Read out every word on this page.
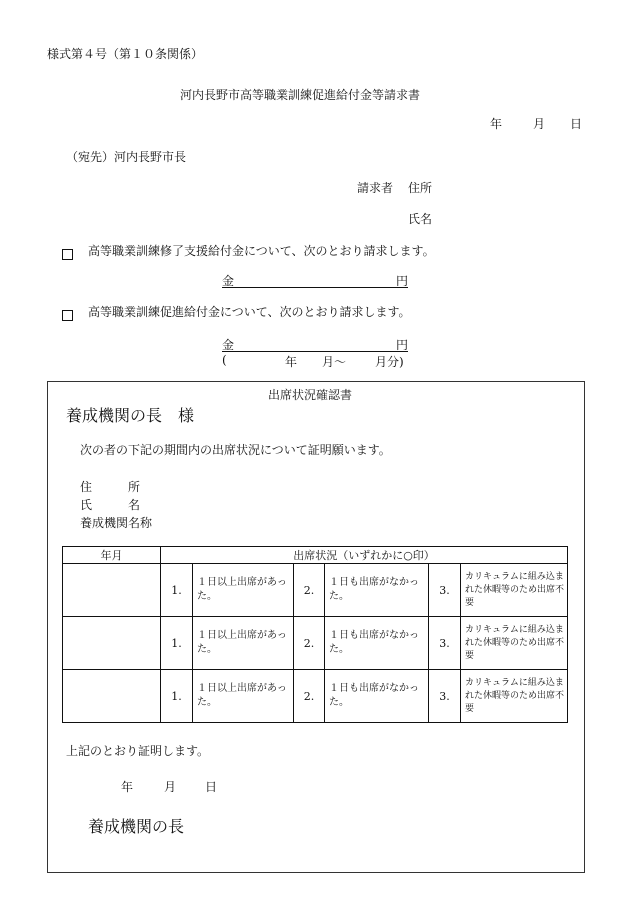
様式第４号（第１０条関係）
河内長野市高等職業訓練促進給付金等請求書
年	月 日
（宛先）河内長野市長
請求者 住所
氏名
高等職業訓練修了支援給付金について、次のとおり請求します。
金	円
高等職業訓練促進給付金について、次のとおり請求します。
金	円
(	年 月〜 月分)
出席状況確認書
養成機関の長　様
次の者の下記の期間内の出席状況について証明願います。
住　　　所
氏　　　名
養成機関名称
年月	出席状況（いずれかに○印）					
	1.	１日以上出席があった。	2.	１日も出席がなかった。	3.	カリキュラムに組み込まれた休暇等のため出席不要
	1.	１日以上出席があった。	2.	１日も出席がなかった。	3.	カリキュラムに組み込まれた休暇等のため出席不要
	1.	１日以上出席があった。	2.	１日も出席がなかった。	3.	カリキュラムに組み込まれた休暇等のため出席不要
上記のとおり証明します。
年	月 日
養成機関の長
